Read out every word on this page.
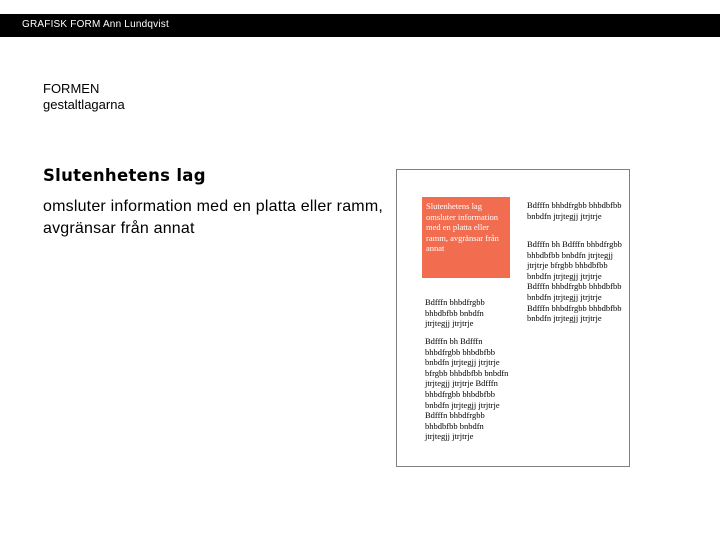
GRAFISK FORM Ann Lundqvist
FORMEN
gestaltlagarna
Slutenhetens lag
omsluter information med en platta eller ramm, avgränsar från annat
Slutenhetens lag omsluter information med en platta eller ramm, avgränsar från annat
Bdfffn bhbdfrgbb bhbdbfbb bnbdfn jtrjtegjj jtrjtrje
Bdfffn bh Bdfffn bhbdfrgbb bhbdbfbb bnbdfn jtrjtegjj jtrjtrje bfrgbb bhbdbfbb bnbdfn jtrjtegjj jtrjtrje Bdfffn bhbdfrgbb bhbdbfbb bnbdfn jtrjtegjj jtrjtrje Bdfffn bhbdfrgbb bhbdbfbb bnbdfn jtrjtegjj jtrjtrje
Bdfffn bhbdfrgbb bhbdbfbb bnbdfn jtrjtegjj jtrjtrje
Bdfffn bh Bdfffn bhbdfrgbb bhbdbfbb bnbdfn jtrjtegjj jtrjtrje bfrgbb bhbdbfbb bnbdfn jtrjtegjj jtrjtrje Bdfffn bhbdfrgbb bhbdbfbb bnbdfn jtrjtegjj jtrjtrje Bdfffn bhbdfrgbb bhbdbfbb bnbdfn jtrjtegjj jtrjtrje
